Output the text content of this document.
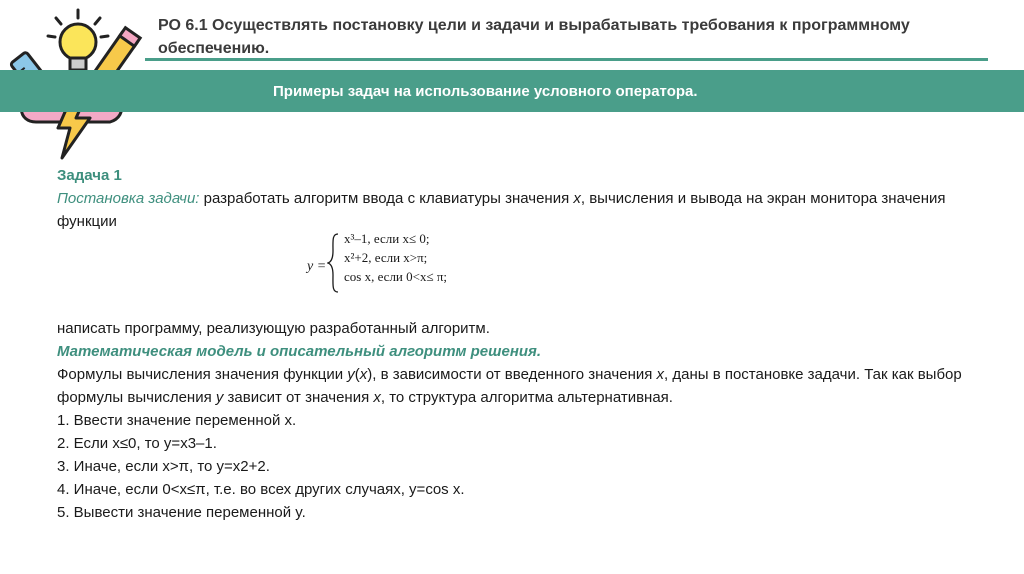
РО 6.1 Осуществлять постановку цели и задачи и вырабатывать требования к программному обеспечению.
Примеры задач на использование условного оператора.
Задача 1
Постановка задачи: разработать алгоритм ввода с клавиатуры значения x, вычисления и вывода на экран монитора значения функции
y =
x³–1, если x≤ 0;
x²+2, если x>π;
cos x, если 0<x≤ π;
написать программу, реализующую разработанный алгоритм.
Математическая модель и описательный алгоритм решения.
Формулы вычисления значения функции y(x), в зависимости от введенного значения x, даны в постановке задачи. Так как выбор формулы вычисления y зависит от значения x, то структура алгоритма альтернативная.
1. Ввести значение переменной x.
2. Если x≤0, то y=x3–1.
3. Иначе, если x>π, то y=x2+2.
4. Иначе, если 0<x≤π, т.е. во всех других случаях, y=cos x.
5. Вывести значение переменной y.
